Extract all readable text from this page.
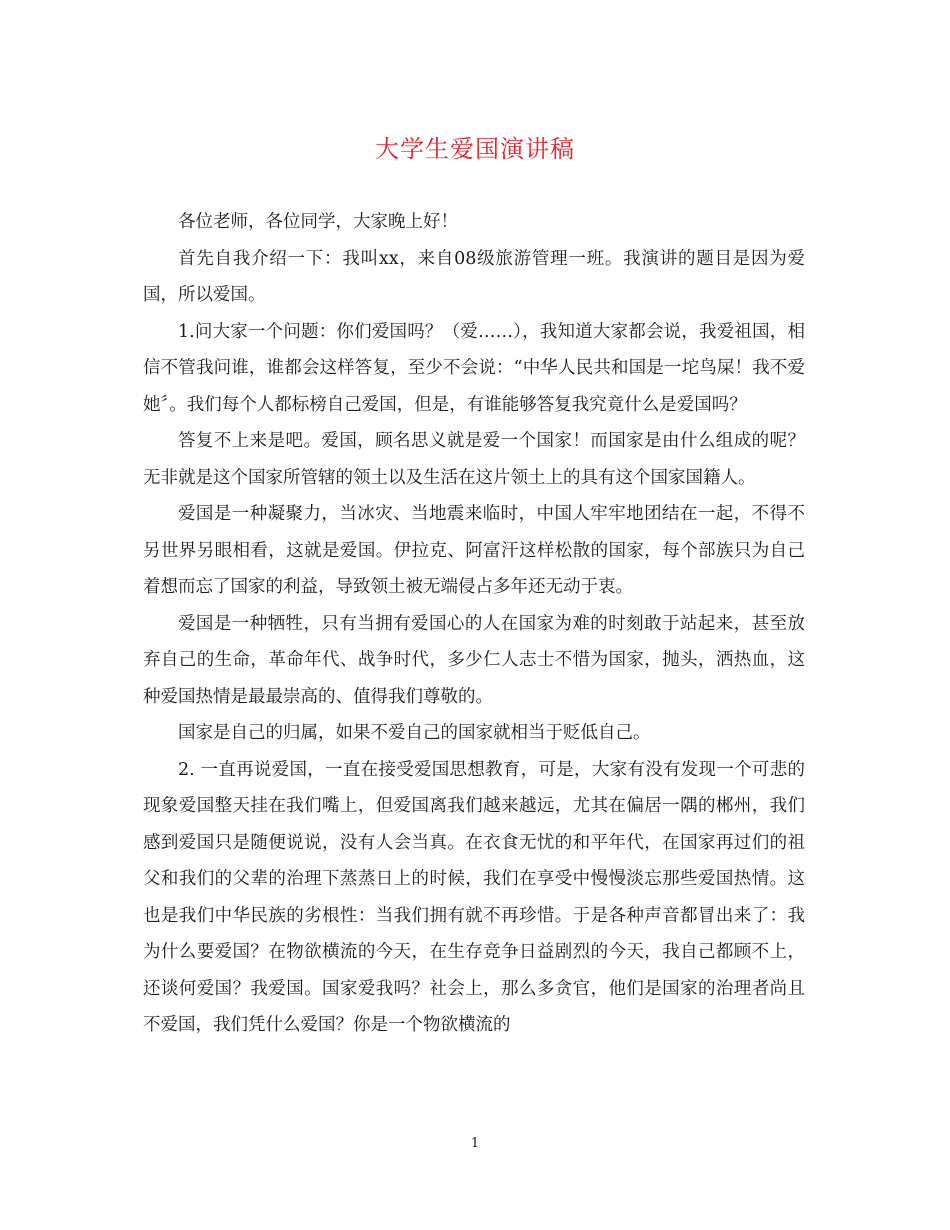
大学生爱国演讲稿

各位老师，各位同学，大家晚上好！

首先自我介绍一下：我叫xx，来自08级旅游管理一班。我演讲的题目是因为爱国，所以爱国。

1.问大家一个问题：你们爱国吗？（爱……），我知道大家都会说，我爱祖国，相信不管我问谁，谁都会这样答复，至少不会说：“中华人民共和国是一坨鸟屎！我不爱她〞。我们每个人都标榜自己爱国，但是，有谁能够答复我究竟什么是爱国吗？

答复不上来是吧。爱国，顾名思义就是爱一个国家！而国家是由什么组成的呢？无非就是这个国家所管辖的领土以及生活在这片领土上的具有这个国家国籍人。

爱国是一种凝聚力，当冰灾、当地震来临时，中国人牢牢地团结在一起，不得不另世界另眼相看，这就是爱国。伊拉克、阿富汗这样松散的国家，每个部族只为自己着想而忘了国家的利益，导致领土被无端侵占多年还无动于衷。

爱国是一种牺牲，只有当拥有爱国心的人在国家为难的时刻敢于站起来，甚至放弃自己的生命，革命年代、战争时代，多少仁人志士不惜为国家，抛头，洒热血，这种爱国热情是最最崇高的、值得我们尊敬的。

国家是自己的归属，如果不爱自己的国家就相当于贬低自己。

2. 一直再说爱国，一直在接受爱国思想教育，可是，大家有没有发现一个可悲的现象爱国整天挂在我们嘴上，但爱国离我们越来越远，尤其在偏居一隅的郴州，我们感到爱国只是随便说说，没有人会当真。在衣食无忧的和平年代，在国家再过们的祖父和我们的父辈的治理下蒸蒸日上的时候，我们在享受中慢慢淡忘那些爱国热情。这也是我们中华民族的劣根性：当我们拥有就不再珍惜。于是各种声音都冒出来了：我为什么要爱国？在物欲横流的今天，在生存竞争日益剧烈的今天，我自己都顾不上，还谈何爱国？我爱国。国家爱我吗？社会上，那么多贪官，他们是国家的治理者尚且不爱国，我们凭什么爱国？你是一个物欲横流的

1
